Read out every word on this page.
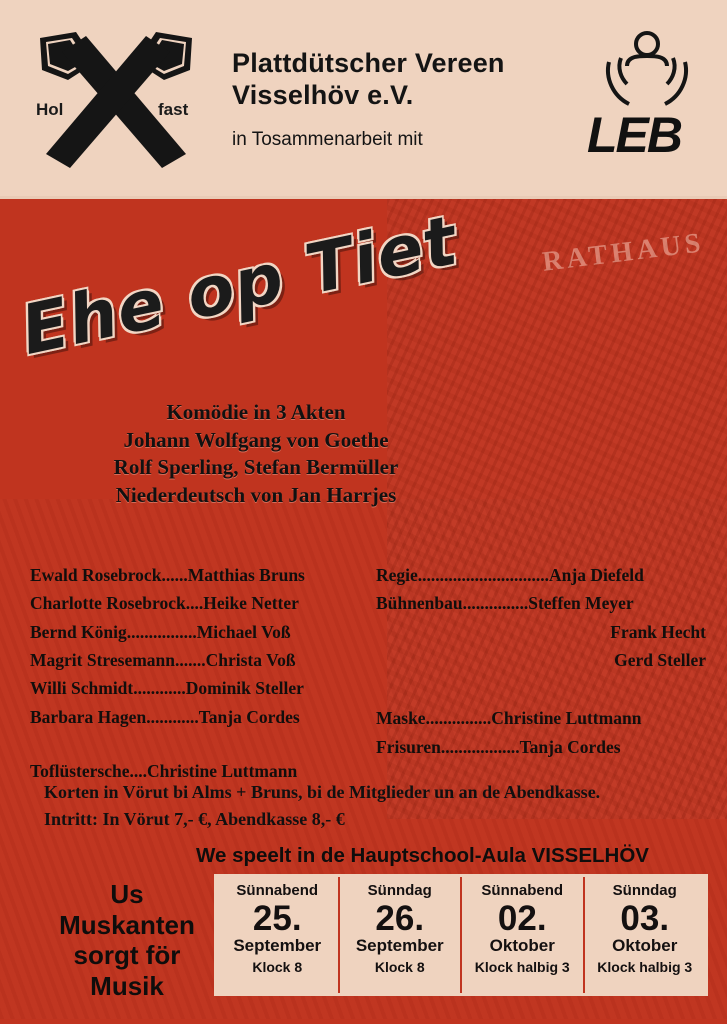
Hol	fast
Plattdütscher Vereen
Visselhöv e.V.
in Tosammenarbeit mit	LEB
RATHAUS
Ehe op Tiet
Komödie in 3 Akten
Johann Wolfgang von Goethe
Rolf Sperling, Stefan Bermüller
Niederdeutsch von Jan Harrjes
Ewald Rosebrock......Matthias Bruns
Charlotte Rosebrock....Heike Netter
Bernd König................Michael Voß
Magrit Stresemann.......Christa Voß
Willi Schmidt............Dominik Steller
Barbara Hagen............Tanja Cordes
Toflüstersche....Christine Luttmann
Regie..............................Anja Diefeld
Bühnenbau...............Steffen Meyer
Frank Hecht
Gerd Steller
Maske...............Christine Luttmann
Frisuren..................Tanja Cordes
Korten in Vörut bi Alms + Bruns, bi de Mitglieder un an de Abendkasse.
Intritt: In Vörut 7,- €, Abendkasse 8,- €
We speelt in de Hauptschool-Aula VISSELHÖV
Us
Muskanten
sorgt för
Musik
Sünnabend
25.
September
Klock 8
Sünndag
26.
September
Klock 8
Sünnabend
02.
Oktober
Klock halbig 3
Sünndag
03.
Oktober
Klock halbig 3
